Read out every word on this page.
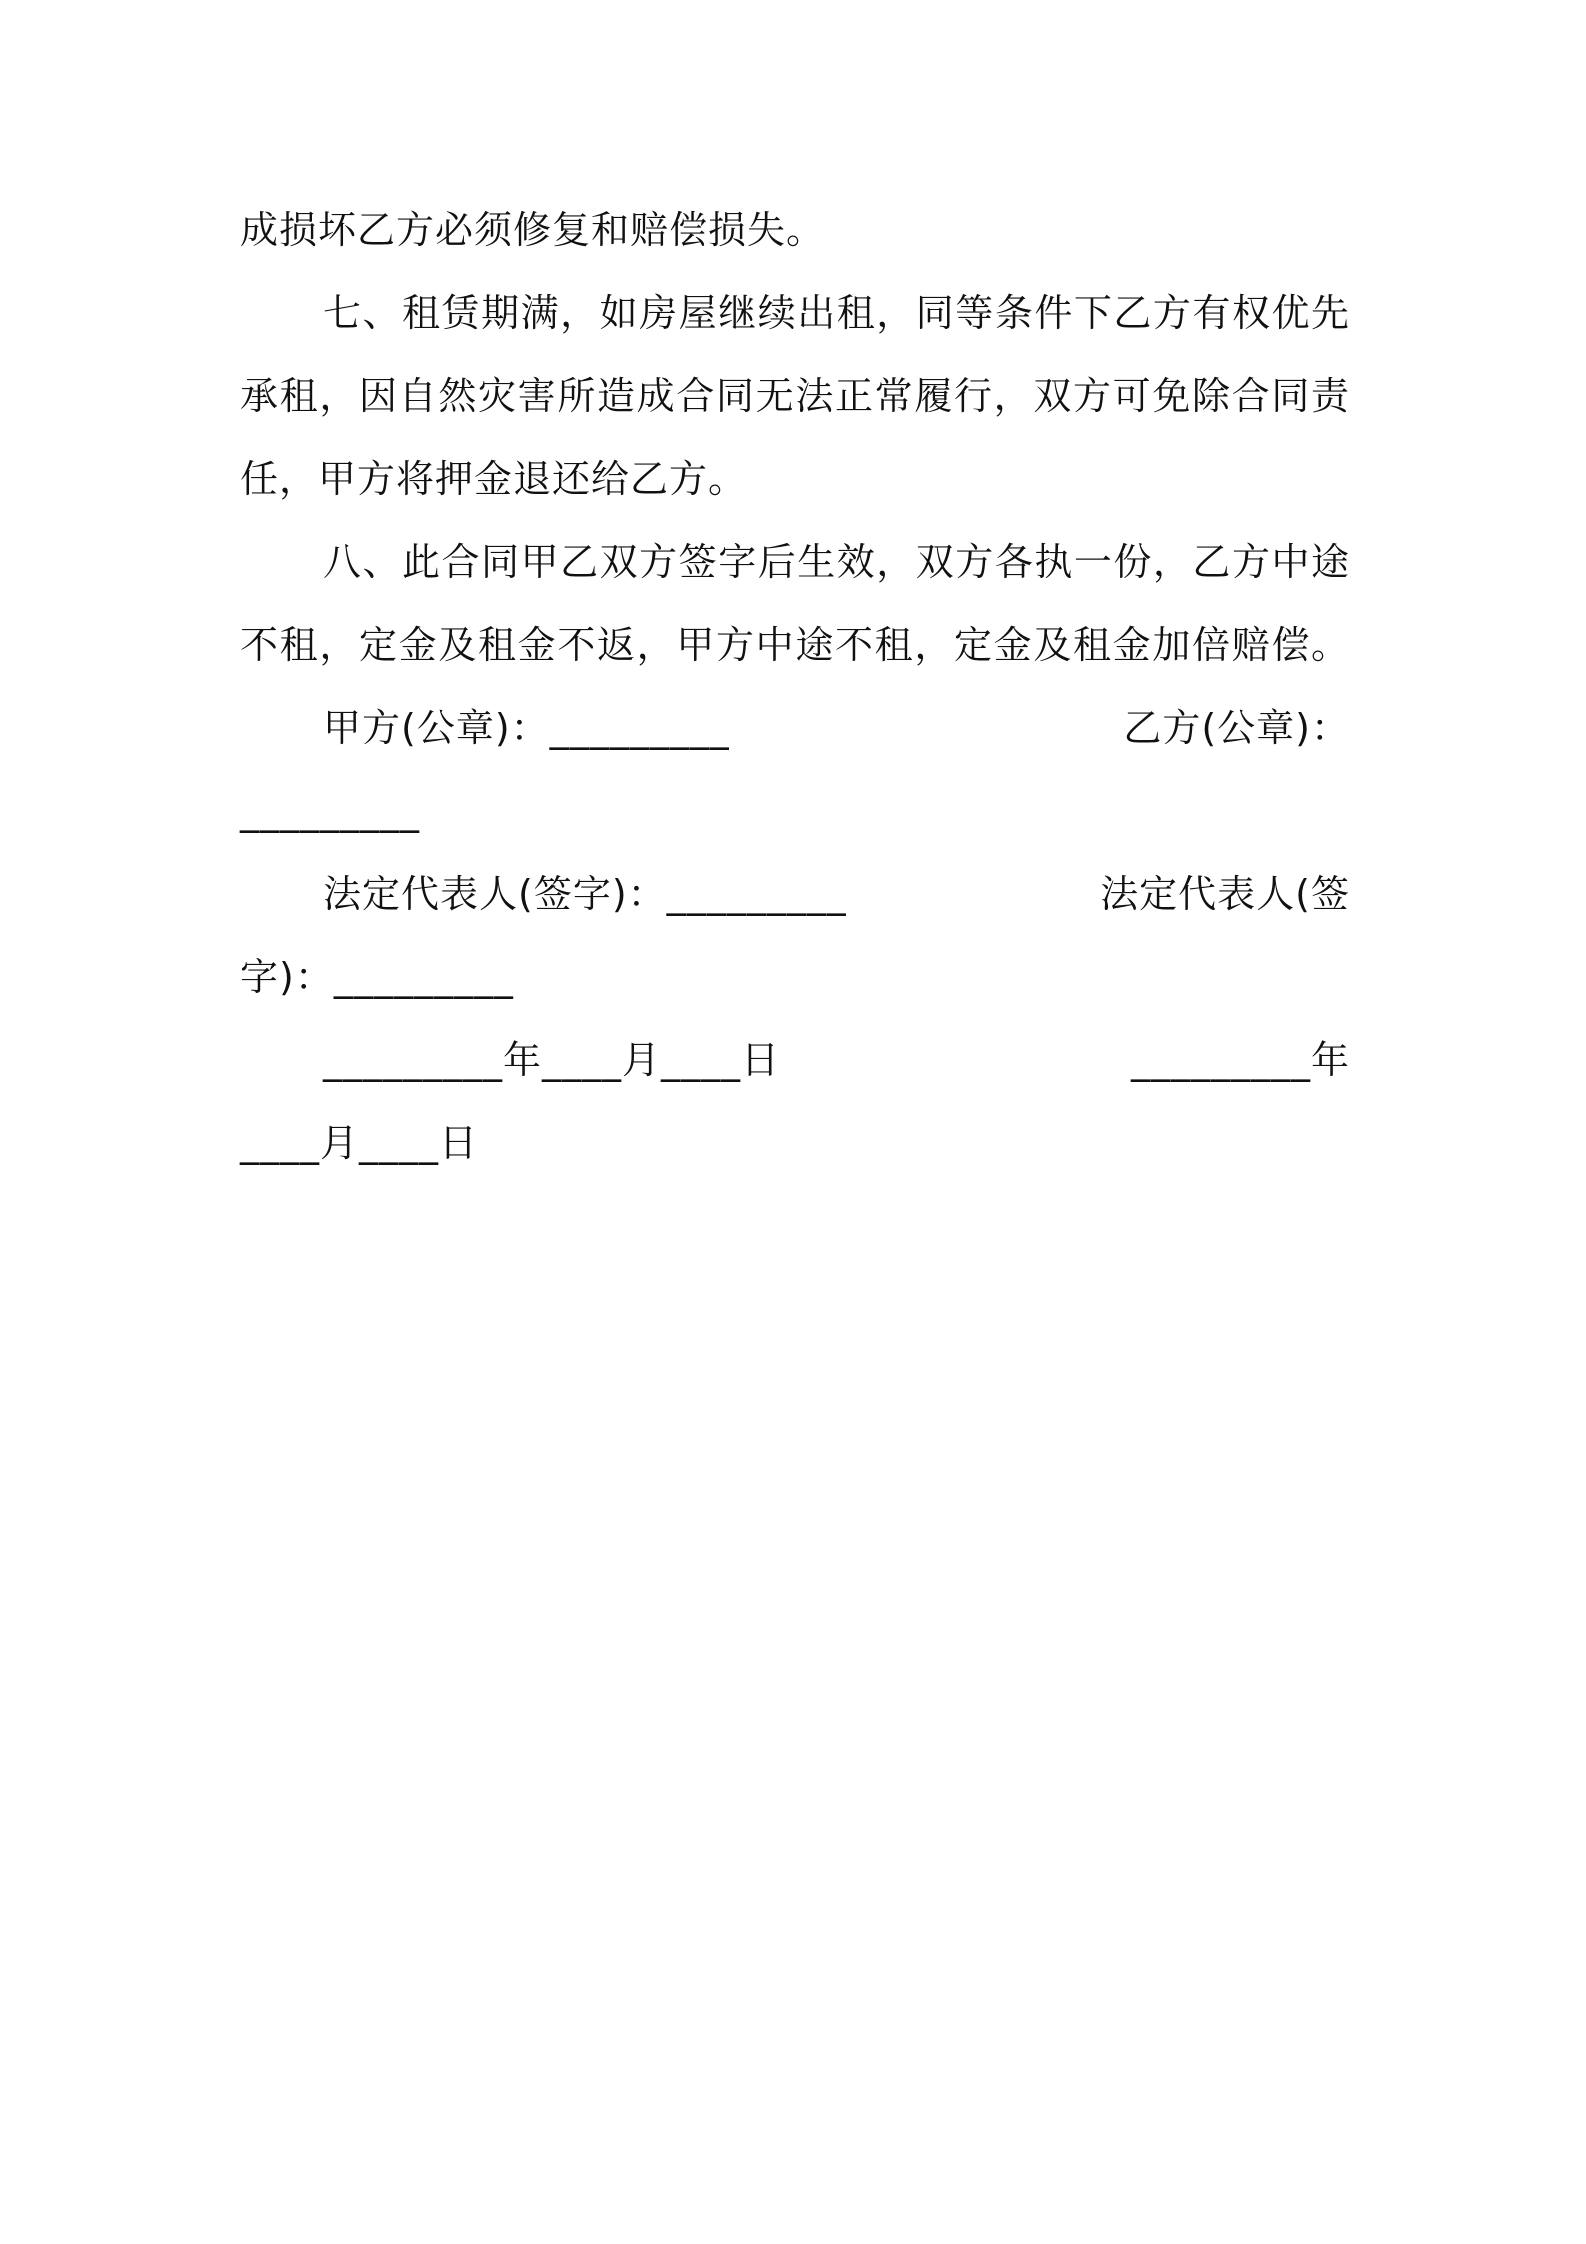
成损坏乙方必须修复和赔偿损失。
七、租赁期满，如房屋继续出租，同等条件下乙方有权优先
承租，因自然灾害所造成合同无法正常履行，双方可免除合同责
任，甲方将押金退还给乙方。
八、此合同甲乙双方签字后生效，双方各执一份，乙方中途
不租，定金及租金不返，甲方中途不租，定金及租金加倍赔偿。
甲方(公章)：_________	乙方(公章)：
_________
法定代表人(签字)：_________	法定代表人(签
字)：_________
_________年____月____日	_________年
____月____日
